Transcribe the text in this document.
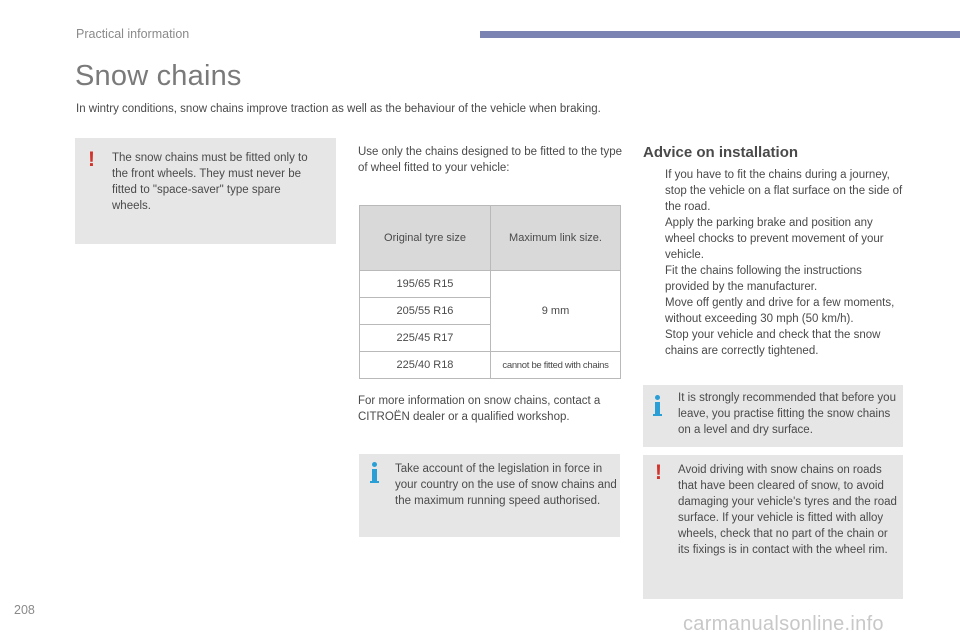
Practical information
Snow chains

In wintry conditions, snow chains improve traction as well as the behaviour of the vehicle when braking.

! The snow chains must be fitted only to the front wheels. They must never be fitted to "space-saver" type spare wheels.

Use only the chains designed to be fitted to the type of wheel fitted to your vehicle:

Original tyre size	Maximum link size.
195/65 R15	9 mm
205/55 R16	
225/45 R17	
225/40 R18	cannot be fitted with chains

For more information on snow chains, contact a CITROËN dealer or a qualified workshop.

Take account of the legislation in force in your country on the use of snow chains and the maximum running speed authorised.

Advice on installation
If you have to fit the chains during a journey, stop the vehicle on a flat surface on the side of the road.
Apply the parking brake and position any wheel chocks to prevent movement of your vehicle.
Fit the chains following the instructions provided by the manufacturer.
Move off gently and drive for a few moments, without exceeding 30 mph (50 km/h).
Stop your vehicle and check that the snow chains are correctly tightened.

It is strongly recommended that before you leave, you practise fitting the snow chains on a level and dry surface.

! Avoid driving with snow chains on roads that have been cleared of snow, to avoid damaging your vehicle's tyres and the road surface. If your vehicle is fitted with alloy wheels, check that no part of the chain or its fixings is in contact with the wheel rim.

208
carmanualsonline.info
